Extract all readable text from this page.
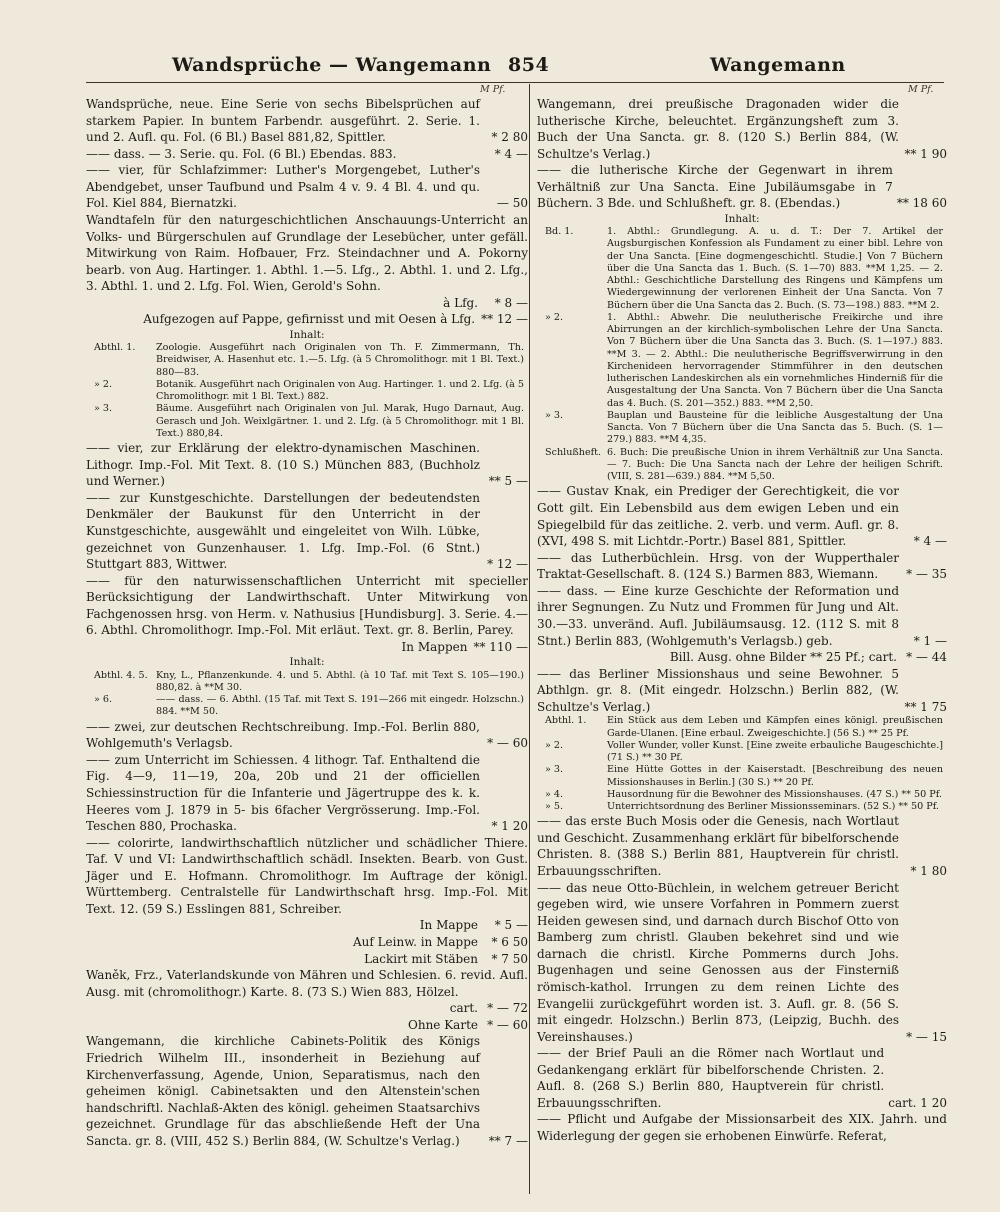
Wandsprüche — Wangemann 854	Wangemann
M Pf.	M Pf.
Wandsprüche, neue. Eine Serie von sechs Bibelsprüchen auf starkem Papier. In buntem Farbendr. ausgeführt. 2. Serie. 1. und 2. Aufl. qu. Fol. (6 Bl.) Basel 881,82, Spittler.	* 2 80
—— dass. — 3. Serie. qu. Fol. (6 Bl.) Ebendas. 883.	* 4 —
—— vier, für Schlafzimmer: Luther's Morgengebet, Luther's Abendgebet, unser Taufbund und Psalm 4 v. 9. 4 Bl. 4. und qu. Fol. Kiel 884, Biernatzki.	— 50
Wandtafeln für den naturgeschichtlichen Anschauungs-Unterricht an Volks- und Bürgerschulen auf Grundlage der Lesebücher, unter gefäll. Mitwirkung von Raim. Hofbauer, Frz. Steindachner und A. Pokorny bearb. von Aug. Hartinger. 1. Abthl. 1.—5. Lfg., 2. Abthl. 1. und 2. Lfg., 3. Abthl. 1. und 2. Lfg. Fol. Wien, Gerold's Sohn.
à Lfg.	* 8 —
Aufgezogen auf Pappe, gefirnisst und mit Oesen à Lfg. ** 12 —
Inhalt:
Abthl. 1.	Zoologie. Ausgeführt nach Originalen von Th. F. Zimmermann, Th. Breidwiser, A. Hasenhut etc. 1.—5. Lfg. (à 5 Chromolithogr. mit 1 Bl. Text.) 880—83.
» 2.	Botanik. Ausgeführt nach Originalen von Aug. Hartinger. 1. und 2. Lfg. (à 5 Chromolithogr. mit 1 Bl. Text.) 882.
» 3.	Bäume. Ausgeführt nach Originalen von Jul. Marak, Hugo Darnaut, Aug. Gerasch und Joh. Weixlgärtner. 1. und 2. Lfg. (à 5 Chromolithogr. mit 1 Bl. Text.) 880,84.
—— vier, zur Erklärung der elektro-dynamischen Maschinen. Lithogr. Imp.-Fol. Mit Text. 8. (10 S.) München 883, (Buchholz und Werner.)	** 5 —
—— zur Kunstgeschichte. Darstellungen der bedeutendsten Denkmäler der Baukunst für den Unterricht in der Kunstgeschichte, ausgewählt und eingeleitet von Wilh. Lübke, gezeichnet von Gunzenhauser. 1. Lfg. Imp.-Fol. (6 Stnt.) Stuttgart 883, Wittwer.	* 12 —
—— für den naturwissenschaftlichen Unterricht mit specieller Berücksichtigung der Landwirthschaft. Unter Mitwirkung von Fachgenossen hrsg. von Herm. v. Nathusius [Hundisburg]. 3. Serie. 4.—6. Abthl. Chromolithogr. Imp.-Fol. Mit erläut. Text. gr. 8. Berlin, Parey.
In Mappen ** 110 —
Inhalt:
Abthl. 4. 5. Kny, L., Pflanzenkunde. 4. und 5. Abthl. (à 10 Taf. mit Text S. 105—190.) 880,82. à **M 30.
» 6.	—— dass. — 6. Abthl. (15 Taf. mit Text S. 191—266 mit eingedr. Holzschn.) 884. **M 50.
—— zwei, zur deutschen Rechtschreibung. Imp.-Fol. Berlin 880, Wohlgemuth's Verlagsb.	* — 60
—— zum Unterricht im Schiessen. 4 lithogr. Taf. Enthaltend die Fig. 4—9, 11—19, 20a, 20b und 21 der officiellen Schiessinstruction für die Infanterie und Jägertruppe des k. k. Heeres vom J. 1879 in 5- bis 6facher Vergrösserung. Imp.-Fol. Teschen 880, Prochaska.	* 1 20
—— colorirte, landwirthschaftlich nützlicher und schädlicher Thiere. Taf. V und VI: Landwirthschaftlich schädl. Insekten. Bearb. von Gust. Jäger und E. Hofmann. Chromolithogr. Im Auftrage der königl. Württemberg. Centralstelle für Landwirthschaft hrsg. Imp.-Fol. Mit Text. 12. (59 S.) Esslingen 881, Schreiber.
In Mappe	* 5 —
Auf Leinw. in Mappe	* 6 50
Lackirt mit Stäben	* 7 50
Waněk, Frz., Vaterlandskunde von Mähren und Schlesien. 6. revid. Aufl. Ausg. mit (chromolithogr.) Karte. 8. (73 S.) Wien 883, Hölzel.
cart. * — 72
Ohne Karte * — 60
Wangemann, die kirchliche Cabinets-Politik des Königs Friedrich Wilhelm III., insonderheit in Beziehung auf Kirchenverfassung, Agende, Union, Separatismus, nach den geheimen königl. Cabinetsakten und den Altenstein'schen handschriftl. Nachlaß-Akten des königl. geheimen Staatsarchivs gezeichnet. Grundlage für das abschließende Heft der Una Sancta. gr. 8. (VIII, 452 S.) Berlin 884, (W. Schultze's Verlag.)	** 7 —
Wangemann, drei preußische Dragonaden wider die lutherische Kirche, beleuchtet. Ergänzungsheft zum 3. Buch der Una Sancta. gr. 8. (120 S.) Berlin 884, (W. Schultze's Verlag.)	** 1 90
—— die lutherische Kirche der Gegenwart in ihrem Verhältniß zur Una Sancta. Eine Jubiläumsgabe in 7 Büchern. 3 Bde. und Schlußheft. gr. 8. (Ebendas.)	** 18 60
Inhalt:
Bd. 1.	1. Abthl.: Grundlegung. A. u. d. T.: Der 7. Artikel der Augsburgischen Konfession als Fundament zu einer bibl. Lehre von der Una Sancta. [Eine dogmengeschichtl. Studie.] Von 7 Büchern über die Una Sancta das 1. Buch. (S. 1—70) 883. **M 1,25. — 2. Abthl.: Geschichtliche Darstellung des Ringens und Kämpfens um Wiedergewinnung der verlorenen Einheit der Una Sancta. Von 7 Büchern über die Una Sancta das 2. Buch. (S. 73—198.) 883. **M 2.
» 2.	1. Abthl.: Abwehr. Die neulutherische Freikirche und ihre Abirrungen an der kirchlich-symbolischen Lehre der Una Sancta. Von 7 Büchern über die Una Sancta das 3. Buch. (S. 1—197.) 883. **M 3. — 2. Abthl.: Die neulutherische Begriffsverwirrung in den Kirchenideen hervorragender Stimmführer in den deutschen lutherischen Landeskirchen als ein vornehmliches Hinderniß für die Ausgestaltung der Una Sancta. Von 7 Büchern über die Una Sancta das 4. Buch. (S. 201—352.) 883. **M 2,50.
» 3.	Bauplan und Bausteine für die leibliche Ausgestaltung der Una Sancta. Von 7 Büchern über die Una Sancta das 5. Buch. (S. 1—279.) 883. **M 4,35.
Schlußheft. 6. Buch: Die preußische Union in ihrem Verhältniß zur Una Sancta. — 7. Buch: Die Una Sancta nach der Lehre der heiligen Schrift. (VIII, S. 281—639.) 884. **M 5,50.
—— Gustav Knak, ein Prediger der Gerechtigkeit, die vor Gott gilt. Ein Lebensbild aus dem ewigen Leben und ein Spiegelbild für das zeitliche. 2. verb. und verm. Aufl. gr. 8. (XVI, 498 S. mit Lichtdr.-Portr.) Basel 881, Spittler.	* 4 —
—— das Lutherbüchlein. Hrsg. von der Wupperthaler Traktat-Gesellschaft. 8. (124 S.) Barmen 883, Wiemann.	* — 35
—— dass. — Eine kurze Geschichte der Reformation und ihrer Segnungen. Zu Nutz und Frommen für Jung und Alt. 30.—33. unveränd. Aufl. Jubiläumsausg. 12. (112 S. mit 8 Stnt.) Berlin 883, (Wohlgemuth's Verlagsb.) geb.	* 1 —
Bill. Ausg. ohne Bilder ** 25 Pf.; cart. * — 44
—— das Berliner Missionshaus und seine Bewohner. 5 Abthlgn. gr. 8. (Mit eingedr. Holzschn.) Berlin 882, (W. Schultze's Verlag.)	** 1 75
Abthl. 1.	Ein Stück aus dem Leben und Kämpfen eines königl. preußischen Garde-Ulanen. [Eine erbaul. Zweigeschichte.] (56 S.) ** 25 Pf.
» 2.	Voller Wunder, voller Kunst. [Eine zweite erbauliche Baugeschichte.] (71 S.) ** 30 Pf.
» 3.	Eine Hütte Gottes in der Kaiserstadt. [Beschreibung des neuen Missionshauses in Berlin.] (30 S.) ** 20 Pf.
» 4.	Hausordnung für die Bewohner des Missionshauses. (47 S.) ** 50 Pf.
» 5.	Unterrichtsordnung des Berliner Missionsseminars. (52 S.) ** 50 Pf.
—— das erste Buch Mosis oder die Genesis, nach Wortlaut und Geschicht. Zusammenhang erklärt für bibelforschende Christen. 8. (388 S.) Berlin 881, Hauptverein für christl. Erbauungsschriften.	* 1 80
—— das neue Otto-Büchlein, in welchem getreuer Bericht gegeben wird, wie unsere Vorfahren in Pommern zuerst Heiden gewesen sind, und darnach durch Bischof Otto von Bamberg zum christl. Glauben bekehret sind und wie darnach die christl. Kirche Pommerns durch Johs. Bugenhagen und seine Genossen aus der Finsterniß römisch-kathol. Irrungen zu dem reinen Lichte des Evangelii zurückgeführt worden ist. 3. Aufl. gr. 8. (56 S. mit eingedr. Holzschn.) Berlin 873, (Leipzig, Buchh. des Vereinshauses.)	* — 15
—— der Brief Pauli an die Römer nach Wortlaut und Gedankengang erklärt für bibelforschende Christen. 2. Aufl. 8. (268 S.) Berlin 880, Hauptverein für christl. Erbauungsschriften.	cart. 1 20
—— Pflicht und Aufgabe der Missionsarbeit des XIX. Jahrh. und Widerlegung der gegen sie erhobenen Einwürfe. Referat,
